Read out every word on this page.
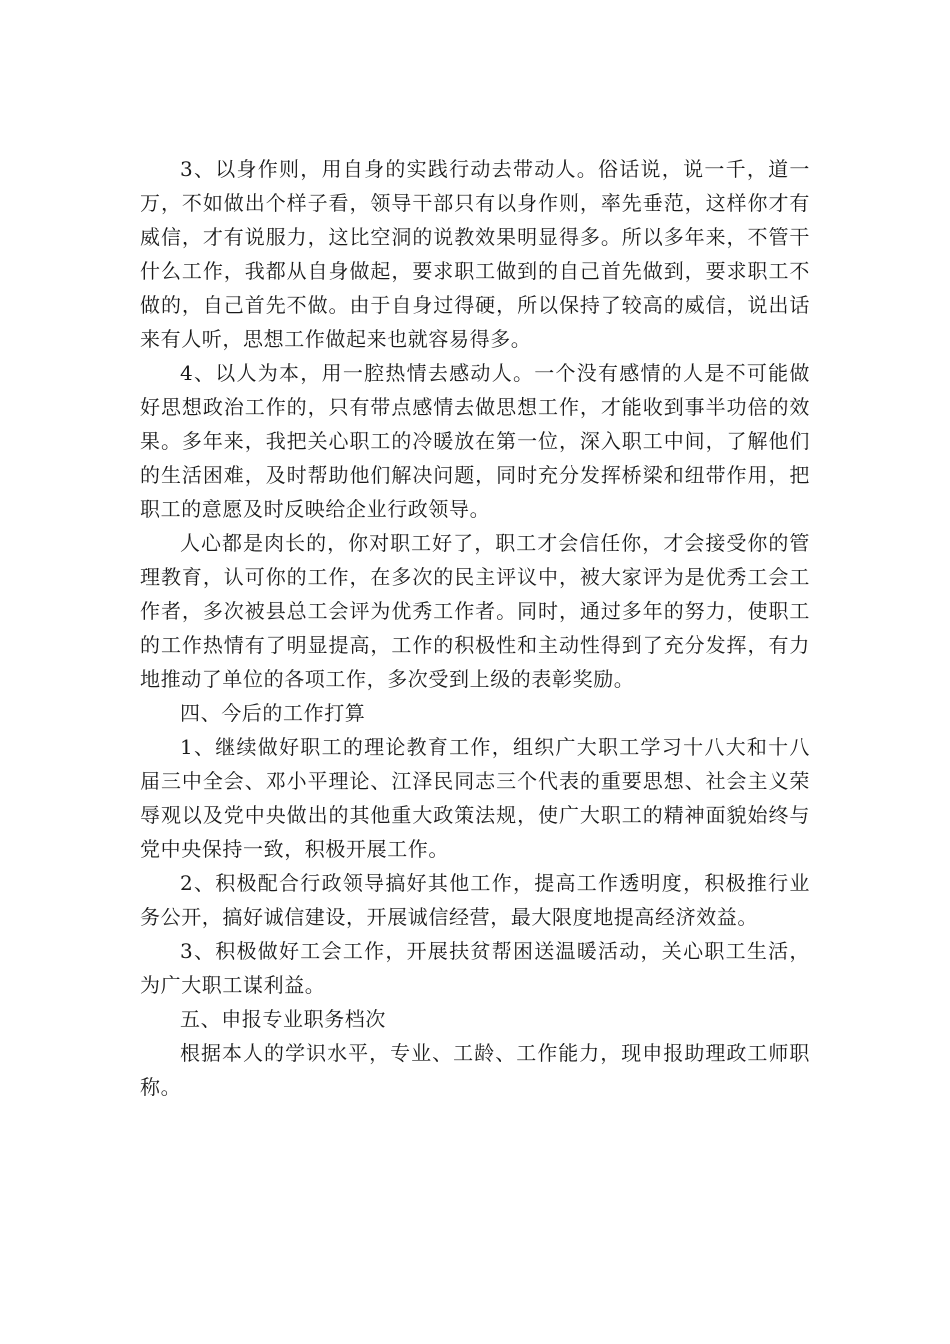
3、以身作则，用自身的实践行动去带动人。俗话说，说一千，道一万，不如做出个样子看，领导干部只有以身作则，率先垂范，这样你才有威信，才有说服力，这比空洞的说教效果明显得多。所以多年来，不管干什么工作，我都从自身做起，要求职工做到的自己首先做到，要求职工不做的，自己首先不做。由于自身过得硬，所以保持了较高的威信，说出话来有人听，思想工作做起来也就容易得多。

4、以人为本，用一腔热情去感动人。一个没有感情的人是不可能做好思想政治工作的，只有带点感情去做思想工作，才能收到事半功倍的效果。多年来，我把关心职工的冷暖放在第一位，深入职工中间，了解他们的生活困难，及时帮助他们解决问题，同时充分发挥桥梁和纽带作用，把职工的意愿及时反映给企业行政领导。

人心都是肉长的，你对职工好了，职工才会信任你，才会接受你的管理教育，认可你的工作，在多次的民主评议中，被大家评为是优秀工会工作者，多次被县总工会评为优秀工作者。同时，通过多年的努力，使职工的工作热情有了明显提高，工作的积极性和主动性得到了充分发挥，有力地推动了单位的各项工作，多次受到上级的表彰奖励。

四、今后的工作打算

1、继续做好职工的理论教育工作，组织广大职工学习十八大和十八届三中全会、邓小平理论、江泽民同志三个代表的重要思想、社会主义荣辱观以及党中央做出的其他重大政策法规，使广大职工的精神面貌始终与党中央保持一致，积极开展工作。

2、积极配合行政领导搞好其他工作，提高工作透明度，积极推行业务公开，搞好诚信建设，开展诚信经营，最大限度地提高经济效益。

3、积极做好工会工作，开展扶贫帮困送温暖活动，关心职工生活，为广大职工谋利益。

五、申报专业职务档次

根据本人的学识水平，专业、工龄、工作能力，现申报助理政工师职称。
